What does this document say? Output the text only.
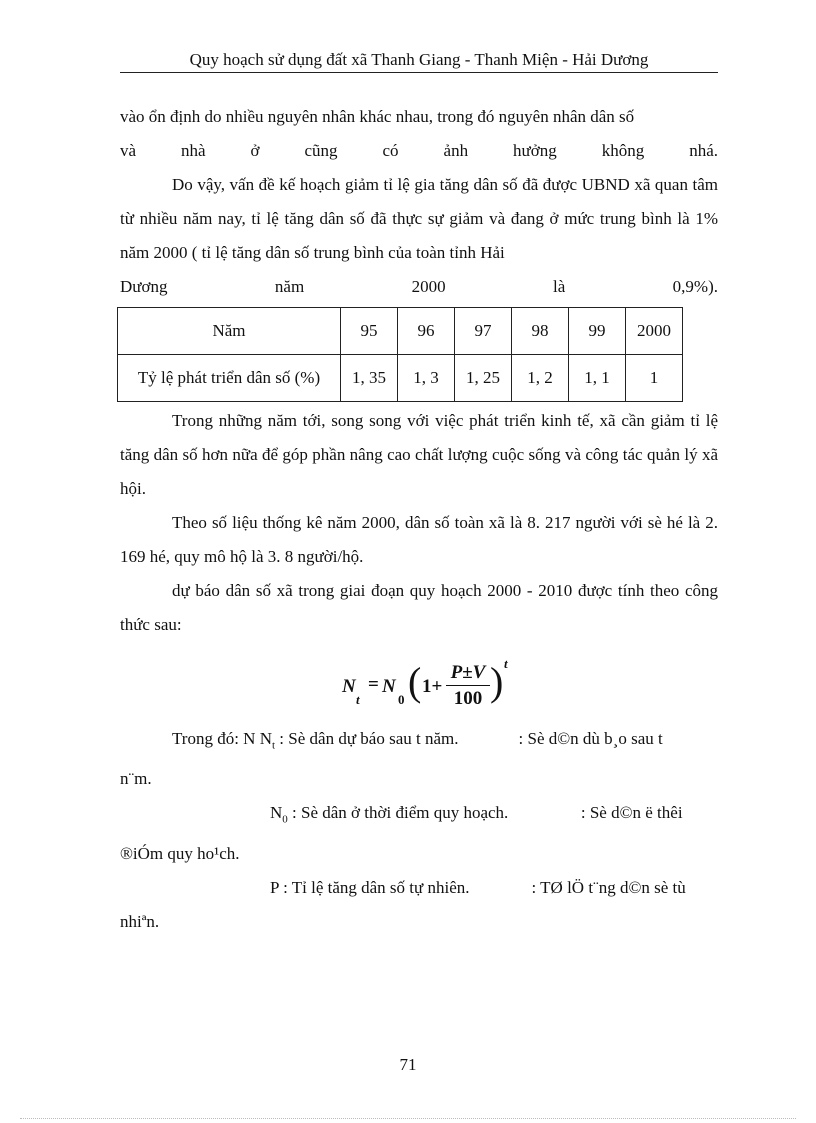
Quy hoạch sử dụng đất xã Thanh Giang - Thanh Miện - Hải Dương

vào ổn định do nhiều nguyên nhân khác nhau, trong đó nguyên nhân dân số

và nhà ở cũng có ảnh hưởng không nhá.

Do vậy, vấn đề kế hoạch giảm tỉ lệ gia tăng dân số đã được UBND xã quan tâm từ nhiều năm nay, tỉ lệ tăng dân số đã thực sự giảm và đang ở mức trung bình là 1% năm 2000 ( tỉ lệ tăng dân số trung bình của toàn tỉnh Hải

Dương năm 2000 là 0,9%).

Năm	95	96	97	98	99	2000
Tỷ lệ phát triển dân số (%)	1, 35	1, 3	1, 25	1, 2	1, 1	1

Trong những năm tới, song song với việc phát triển kinh tế, xã cần giảm tỉ lệ tăng dân số hơn nữa để góp phần nâng cao chất lượng cuộc sống và công tác quản lý xã hội.

Theo số liệu thống kê năm 2000, dân số toàn xã là 8. 217 người với sè hé là 2. 169 hé, quy mô hộ là 3. 8 người/hộ.

dự báo dân số xã trong giai đoạn quy hoạch 2000 - 2010 được tính theo công thức sau:

N
t
= N
0 ( 1+
P±V
100 ) t

Trong đó: N $N_t$ : Sè dân dự báo sau t năm.	: Sè d©n dù b¸o sau t

n¨m.

$N_0$ : Sè dân ở thời điểm quy hoạch.	: Sè d©n ë thêi

®iÓm quy ho¹ch.

P : Tỉ lệ tăng dân số tự nhiên.	: TØ lÖ t¨ng d©n sè tù

nhiªn.

71
